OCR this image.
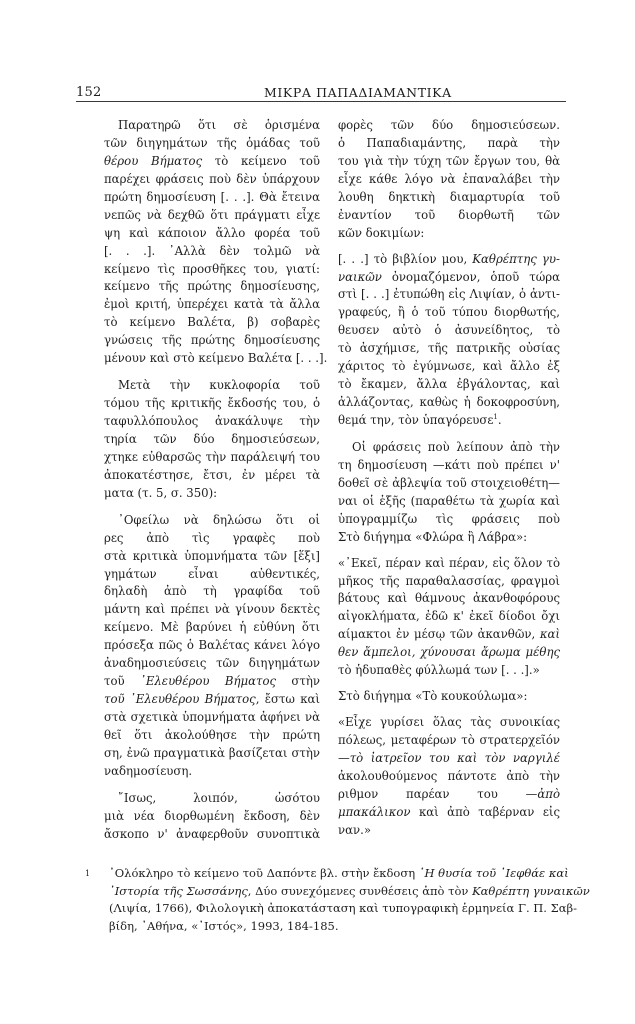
152	ΜΙΚΡΑ ΠΑΠΑΔΙΑΜΑΝΤΙΚΑ
Παρατηρῶ ὅτι σὲ ὁρισμένα
τῶν διηγημάτων τῆς ὁμάδας τοῦ
θέρου Βήματος τὸ κείμενο τοῦ
παρέχει φράσεις ποὺ δὲν ὑπάρχουν
πρώτη δημοσίευση [. . .]. Θὰ ἔτεινα
νεπῶς νὰ δεχθῶ ὅτι πράγματι εἶχε
ψη καὶ κάποιον ἄλλο φορέα τοῦ
[. . .]. ᾿Αλλὰ δὲν τολμῶ νὰ
κείμενο τὶς προσθῆκες του, γιατί:
κείμενο τῆς πρώτης δημοσίευσης,
ἐμοὶ κριτή, ὑπερέχει κατὰ τὰ ἄλλα
τὸ κείμενο Βαλέτα, β) σοβαρὲς
γνώσεις τῆς πρώτης δημοσίευσης
μένουν καὶ στὸ κείμενο Βαλέτα [. . .].
Μετὰ τὴν κυκλοφορία τοῦ
τόμου τῆς κριτικῆς ἔκδοσής του, ὁ
ταφυλλόπουλος ἀνακάλυψε τὴν
τηρία τῶν δύο δημοσιεύσεων,
χτηκε εὐθαρσῶς τὴν παράλειψή του
ἀποκατέστησε, ἔτσι, ἐν μέρει τὰ
ματα (τ. 5, σ. 350):
᾿Οφείλω νὰ δηλώσω ὅτι οἱ
ρες ἀπὸ τὶς γραφὲς ποὺ
στὰ κριτικὰ ὑπομνήματα τῶν [ἕξι]
γημάτων εἶναι αὐθεντικές,
δηλαδὴ ἀπὸ τὴ γραφίδα τοῦ
μάντη καὶ πρέπει νὰ γίνουν δεκτὲς
κείμενο. Μὲ βαρύνει ἡ εὐθύνη ὅτι
πρόσεξα πῶς ὁ Βαλέτας κάνει λόγο
ἀναδημοσιεύσεις τῶν διηγημάτων
τοῦ ᾿Ελευθέρου Βήματος στὴν
τοῦ ᾿Ελευθέρου Βήματος, ἔστω καὶ
στὰ σχετικὰ ὑπομνήματα ἀφήνει νὰ
θεῖ ὅτι ἀκολούθησε τὴν πρώτη
ση, ἐνῶ πραγματικὰ βασίζεται στὴν
ναδημοσίευση.
῎Ισως, λοιπόν, ὡσότου
μιὰ νέα διορθωμένη ἔκδοση, δὲν
ἄσκοπο ν' ἀναφερθοῦν συνοπτικὰ
φορὲς τῶν δύο δημοσιεύσεων.
ὁ Παπαδιαμάντης, παρὰ τὴν
του γιὰ τὴν τύχη τῶν ἔργων του, θὰ
εἶχε κάθε λόγο νὰ ἐπαναλάβει τὴν
λουθη δηκτικὴ διαμαρτυρία τοῦ
ἐναντίον τοῦ διορθωτῆ τῶν
κῶν δοκιμίων:
[. . .] τὸ βιβλίον μου, Καθρέπτης γυ-
ναικῶν ὀνομαζόμενον, ὁποῦ τώρα
στὶ [. . .] ἐτυπώθη εἰς Λιψίαν, ὁ ἀντι-
γραφεύς, ἢ ὁ τοῦ τύπου διορθωτής,
θευσεν αὐτὸ ὁ ἀσυνείδητος, τὸ
τὸ ἀσχήμισε, τῆς πατρικῆς οὐσίας
χάριτος τὸ ἐγύμνωσε, καὶ ἄλλο ἐξ
τὸ ἔκαμεν, ἄλλα ἐβγάλοντας, καὶ
ἀλλάζοντας, καθὼς ἡ δοκοφροσύνη,
θεμά την, τὸν ὑπαγόρευσε$^1$.
Οἱ φράσεις ποὺ λείπουν ἀπὸ τὴν
τη δημοσίευση —κάτι ποὺ πρέπει ν'
δοθεῖ σὲ ἀβλεψία τοῦ στοιχειοθέτη—
ναι οἱ ἑξῆς (παραθέτω τὰ χωρία καὶ
ὑπογραμμίζω τὶς φράσεις ποὺ
Στὸ διήγημα «Φλώρα ἢ Λάβρα»:
«᾿Εκεῖ, πέραν καὶ πέραν, εἰς ὅλον τὸ
μῆκος τῆς παραθαλασσίας, φραγμοὶ
βάτους καὶ θάμνους ἀκανθοφόρους
αἰγοκλήματα, ἐδῶ κ' ἐκεῖ δίοδοι ὄχι
αίμακτοι ἐν μέσῳ τῶν ἀκανθῶν, καὶ
θεν ἄμπελοι, χύνουσαι ἄρωμα μέθης
τὸ ἡδυπαθὲς φύλλωμά των [. . .].»
Στὸ διήγημα «Τὸ κουκούλωμα»:
«Εἶχε γυρίσει ὅλας τὰς συνοικίας
πόλεως, μεταφέρων τὸ στρατερχεῖόν
—τὸ ἰατρεῖον του καὶ τὸν ναργιλέ
ἀκολουθούμενος πάντοτε ἀπὸ τὴν
ριθμον παρέαν του —ἀπὸ
μπακάλικον καὶ ἀπὸ ταβέρναν εἰς
ναν.»
1	᾿Ολόκληρο τὸ κείμενο τοῦ Δαπόντε βλ. στὴν ἔκδοση ῾Η θυσία τοῦ ᾿Ιεφθάε καὶ
᾿Ιστορία τῆς Σωσσάνης, Δύο συνεχόμενες συνθέσεις ἀπὸ τὸν Καθρέπτη γυναικῶν
(Λιψία, 1766), Φιλολογικὴ ἀποκατάσταση καὶ τυπογραφικὴ ἑρμηνεία Γ. Π. Σαβ-
βίδη, ᾿Αθήνα, «᾿Ιστός», 1993, 184-185.
